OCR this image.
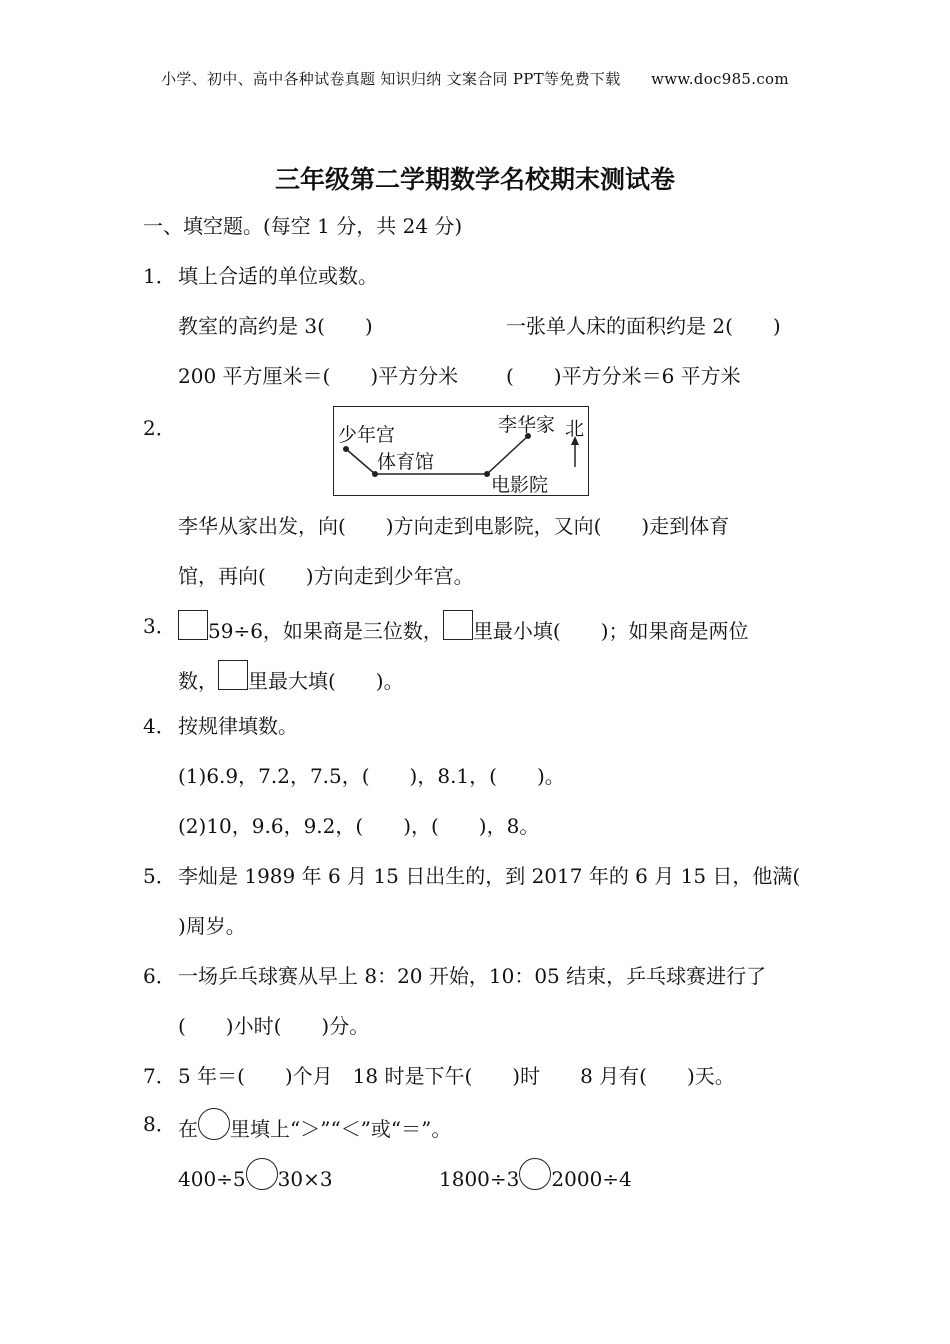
小学、初中、高中各种试卷真题 知识归纳 文案合同 PPT等免费下载　　www.doc985.com
三年级第二学期数学名校期末测试卷
一、填空题。(每空 1 分，共 24 分)
1． 填上合适的单位或数。
教室的高约是 3(　　)	一张单人床的面积约是 2(　　)
200 平方厘米＝(　　)平方分米 (　　)平方分米＝6 平方米
2．	少年宫
体育馆
电影院
李华家 北
李华从家出发，向(　　)方向走到电影院，又向(　　)走到体育
馆，再向(　　)方向走到少年宫。
3．	59÷6，如果商是三位数， 里最小填(　　)；如果商是两位
数， 里最大填(　　)。
4． 按规律填数。
(1)6.9，7.2，7.5，(　　)，8.1，(　　)。
(2)10，9.6，9.2，(　　)，(　　)，8。
5． 李灿是 1989 年 6 月 15 日出生的，到 2017 年的 6 月 15 日，他满(
)周岁。
6． 一场乒乓球赛从早上 8：20 开始，10：05 结束，乒乓球赛进行了
(　　)小时(　　)分。
7． 5 年＝(　　)个月　18 时是下午(　　)时　　8 月有(　　)天。
8． 在 里填上“＞”“＜”或“＝”。
400÷5 30×3	1800÷3 2000÷4
